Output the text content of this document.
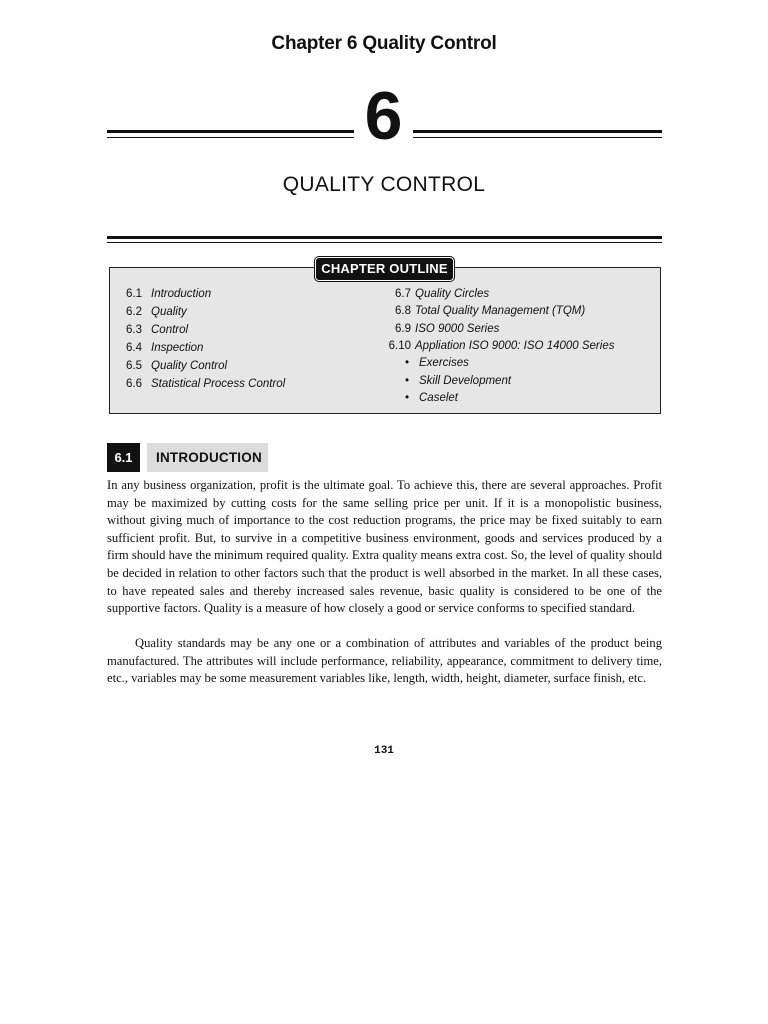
Chapter 6 Quality Control
6
QUALITY CONTROL
CHAPTER OUTLINE
6.1 Introduction
6.2 Quality
6.3 Control
6.4 Inspection
6.5 Quality Control
6.6 Statistical Process Control
6.7 Quality Circles
6.8 Total Quality Management (TQM)
6.9 ISO 9000 Series
6.10 Appliation ISO 9000: ISO 14000 Series
• Exercises
• Skill Development
• Caselet
6.1	INTRODUCTION
In any business organization, profit is the ultimate goal. To achieve this, there are several approaches. Profit may be maximized by cutting costs for the same selling price per unit. If it is a monopolistic business, without giving much of importance to the cost reduction programs, the price may be fixed suitably to earn sufficient profit. But, to survive in a competitive business environment, goods and services produced by a firm should have the minimum required quality. Extra quality means extra cost. So, the level of quality should be decided in relation to other factors such that the product is well absorbed in the market. In all these cases, to have repeated sales and thereby increased sales revenue, basic quality is considered to be one of the supportive factors. Quality is a measure of how closely a good or service conforms to specified standard.
Quality standards may be any one or a combination of attributes and variables of the product being manufactured. The attributes will include performance, reliability, appearance, commitment to delivery time, etc., variables may be some measurement variables like, length, width, height, diameter, surface finish, etc.
131
